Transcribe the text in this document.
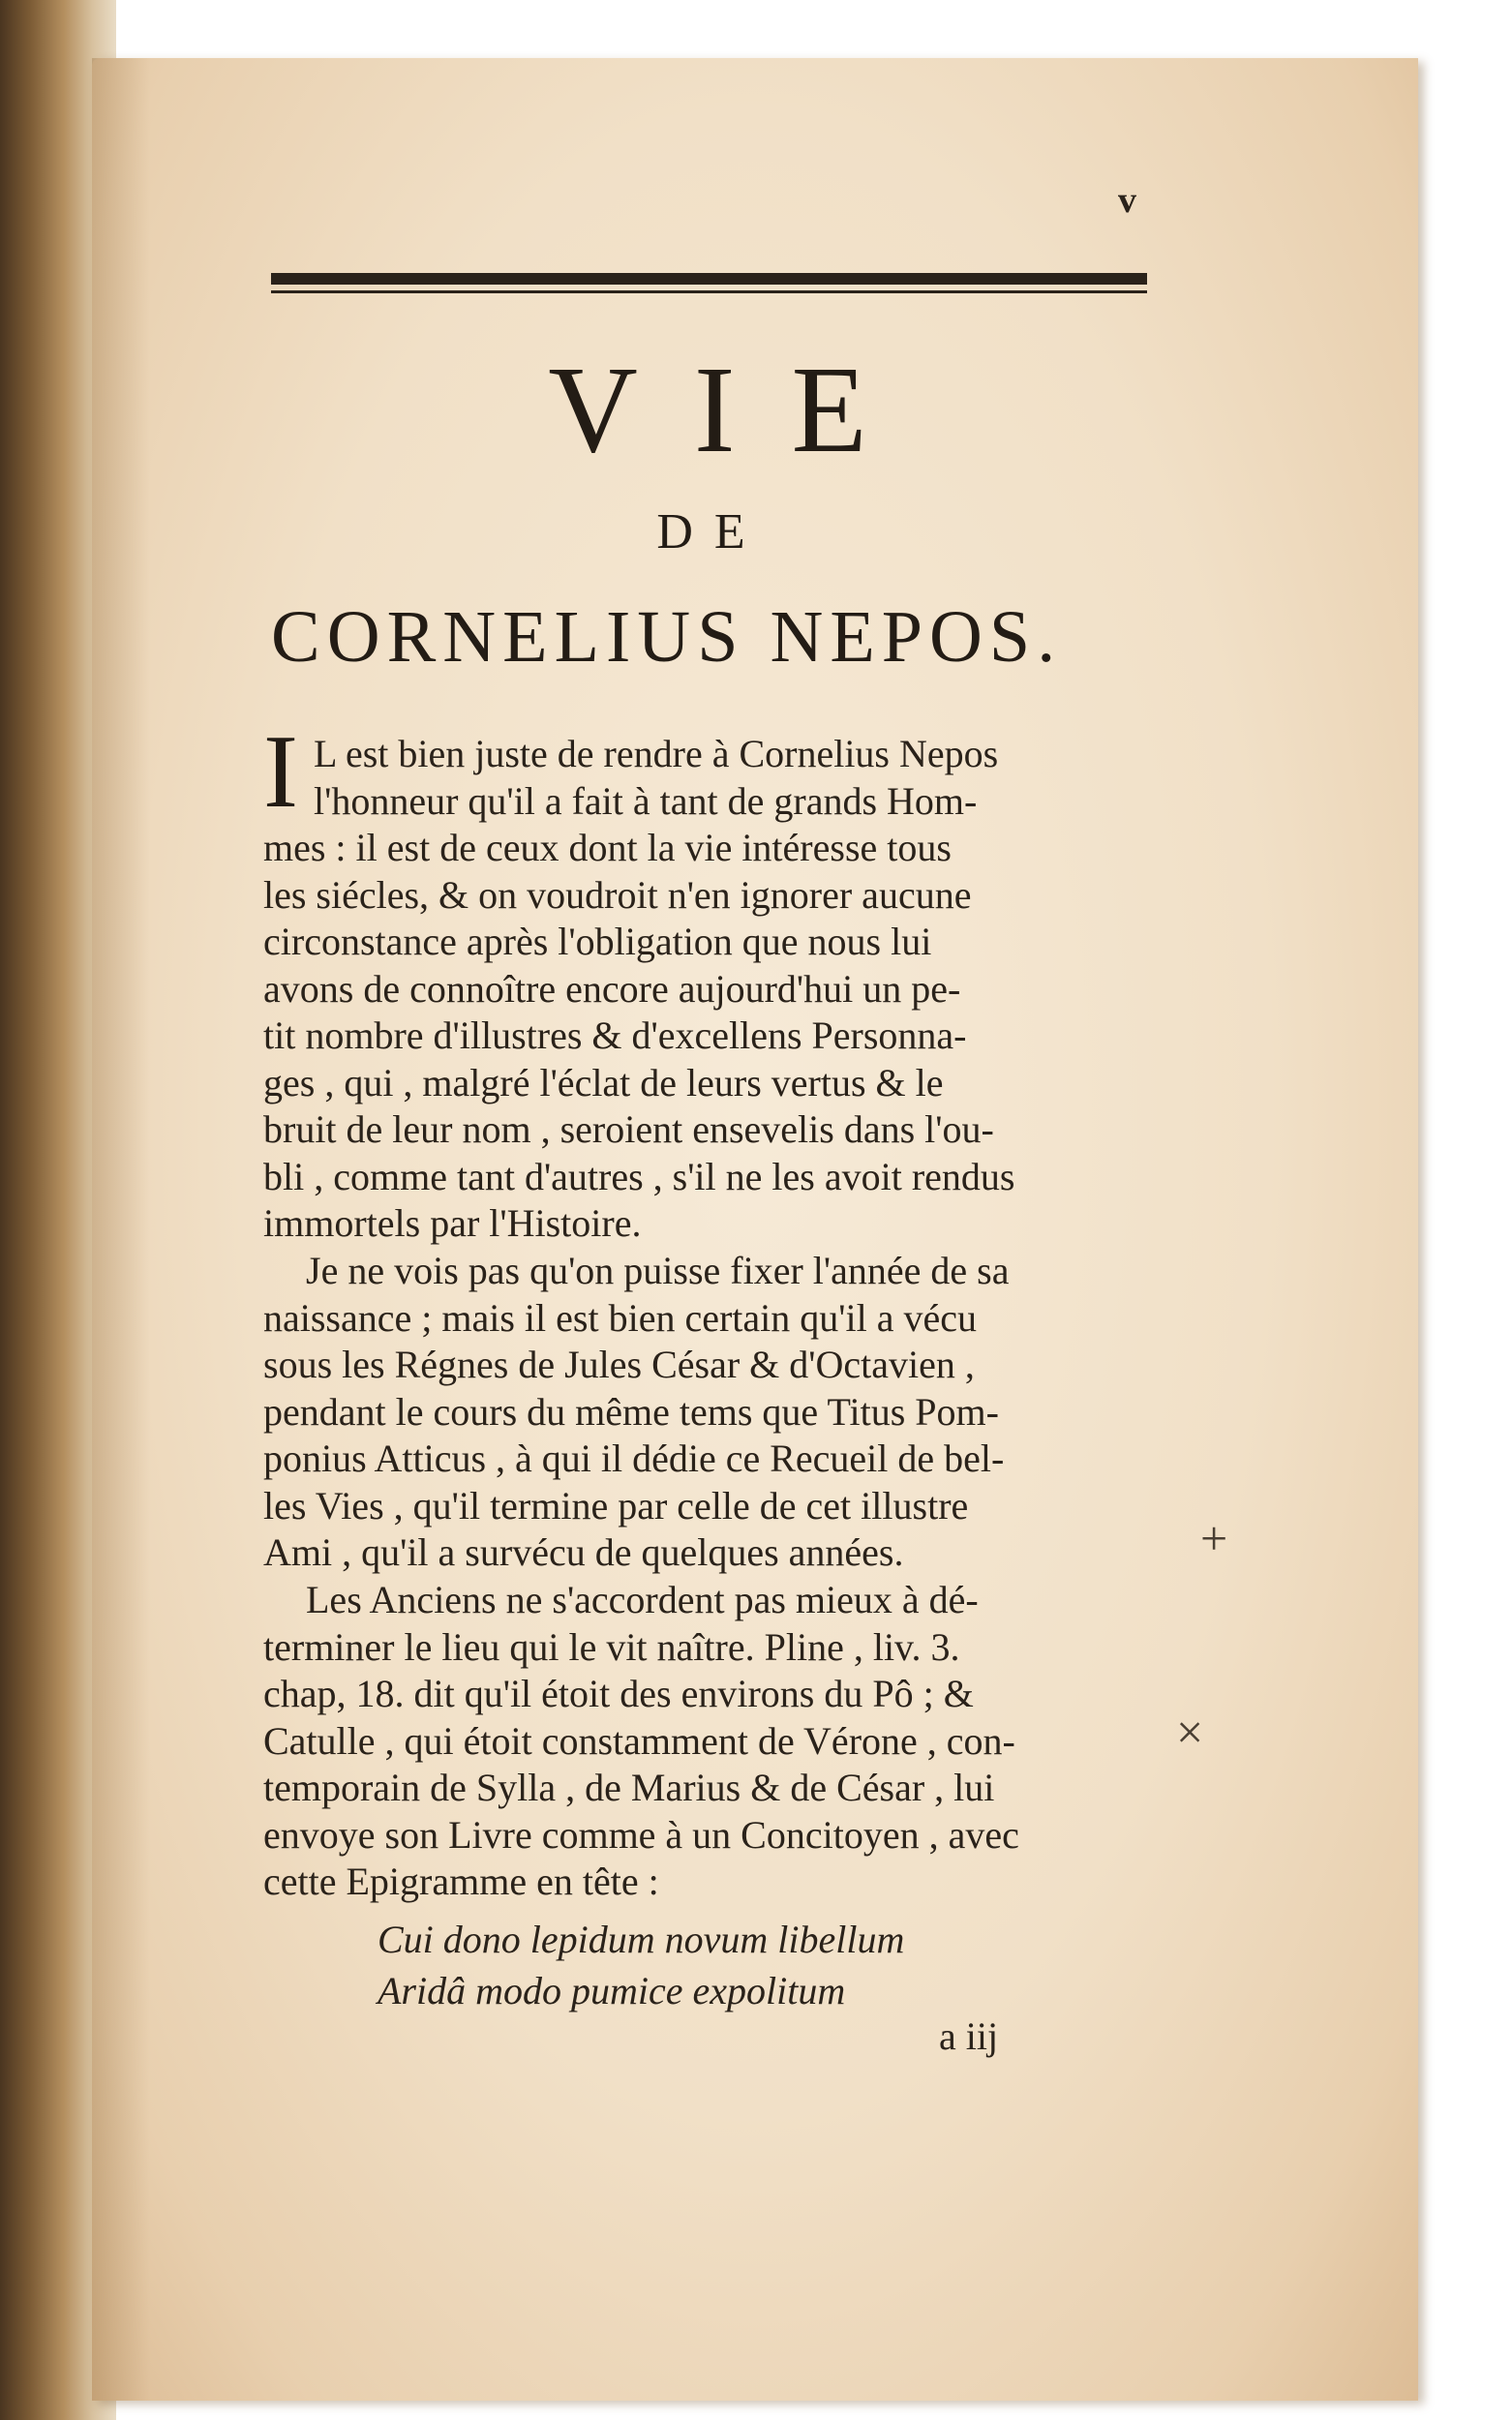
v
VIE
DE
CORNELIUS NEPOS.
I L est bien juste de rendre à Cornelius Nepos
l'honneur qu'il a fait à tant de grands Hom-
mes : il est de ceux dont la vie intéresse tous
les siécles, & on voudroit n'en ignorer aucune
circonstance après l'obligation que nous lui
avons de connoître encore aujourd'hui un pe-
tit nombre d'illustres & d'excellens Personna-
ges , qui , malgré l'éclat de leurs vertus & le
bruit de leur nom , seroient ensevelis dans l'ou-
bli , comme tant d'autres , s'il ne les avoit rendus
immortels par l'Histoire.
Je ne vois pas qu'on puisse fixer l'année de sa
naissance ; mais il est bien certain qu'il a vécu
sous les Régnes de Jules César & d'Octavien ,
pendant le cours du même tems que Titus Pom-
ponius Atticus , à qui il dédie ce Recueil de bel-
les Vies , qu'il termine par celle de cet illustre
Ami , qu'il a survécu de quelques années.
Les Anciens ne s'accordent pas mieux à dé-
terminer le lieu qui le vit naître. Pline , liv. 3.
chap, 18. dit qu'il étoit des environs du Pô ; &
Catulle , qui étoit constamment de Vérone , con-
temporain de Sylla , de Marius & de César , lui
envoye son Livre comme à un Concitoyen , avec
cette Epigramme en tête :
Cui dono lepidum novum libellum
Aridâ modo pumice expolitum
a iij
+
×
